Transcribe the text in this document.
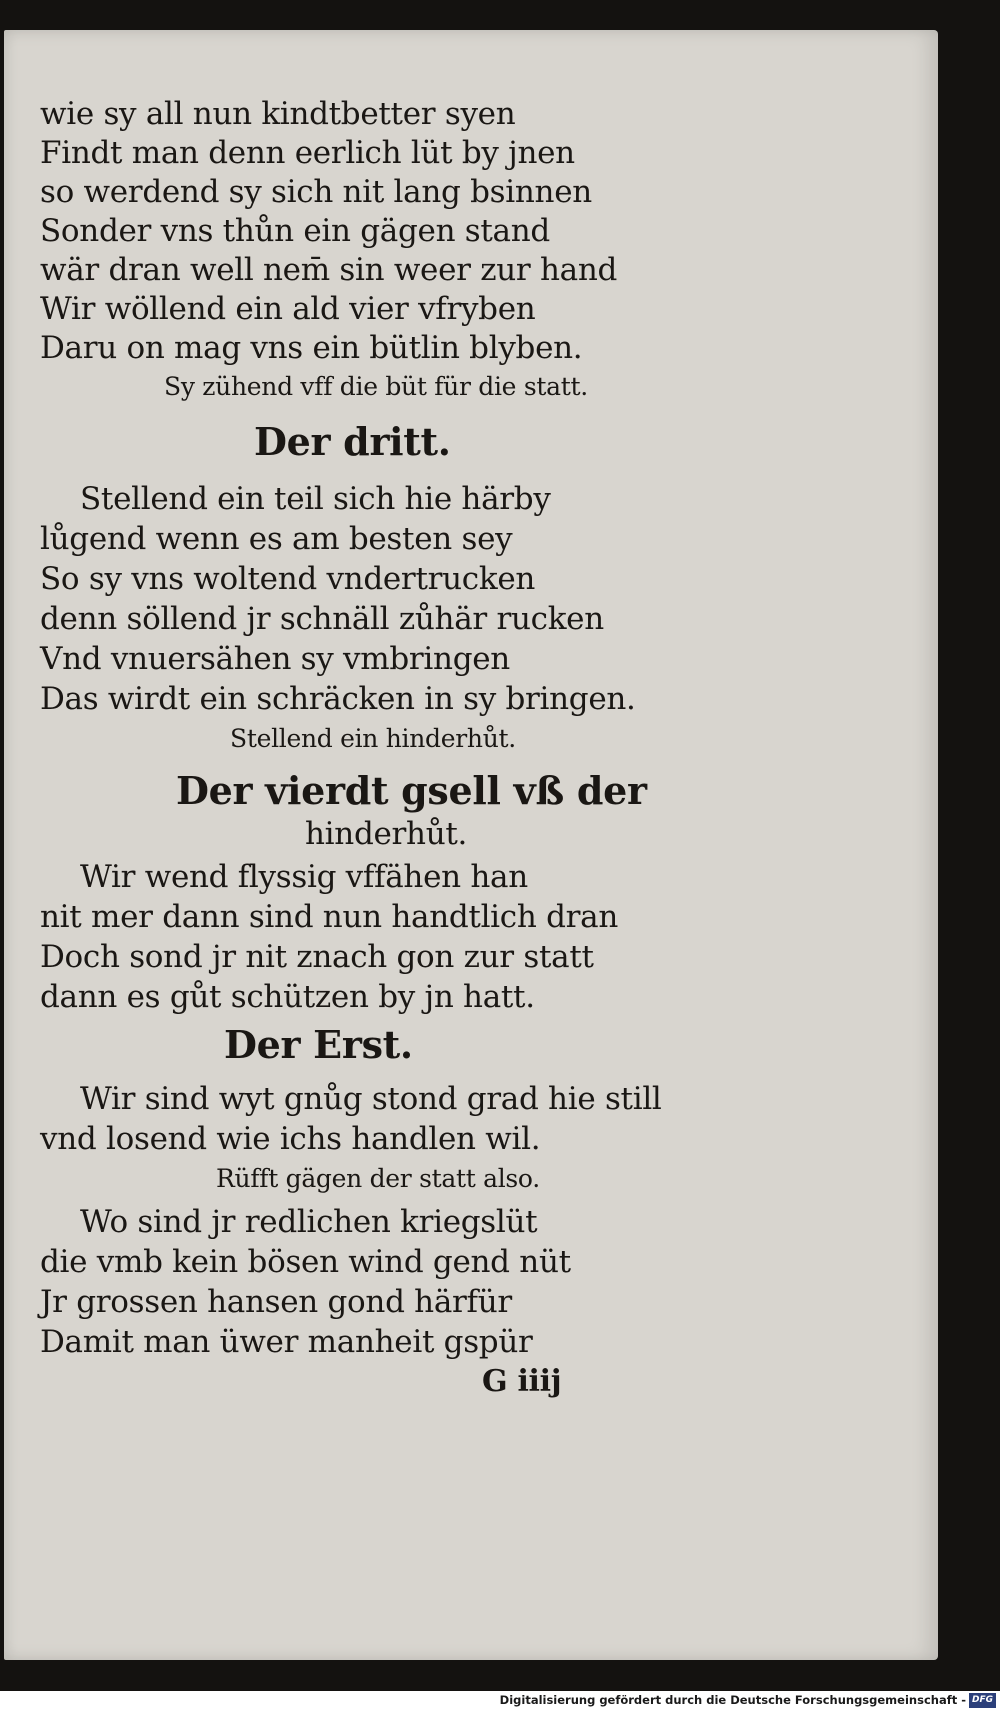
wie sy all nun kindtbetter syen
Findt man denn eerlich lüt by jnen
so werdend sy sich nit lang bsinnen
Sonder vns thůn ein gägen stand
wär dran well nem̄ sin weer zur hand
Wir wöllend ein ald vier vfryben
Daru on mag vns ein bütlin blyben.
Sy zühend vff die büt für die statt.
Der dritt.
Stellend ein teil sich hie härby
lůgend wenn es am besten sey
So sy vns woltend vndertrucken
denn söllend jr schnäll zůhär rucken
Vnd vnuersähen sy vmbringen
Das wirdt ein schräcken in sy bringen.
Stellend ein hinderhůt.
Der vierdt gsell vß der
hinderhůt.
Wir wend flyssig vffähen han
nit mer dann sind nun handtlich dran
Doch sond jr nit znach gon zur statt
dann es gůt schützen by jn hatt.
Der Erst.
Wir sind wyt gnůg stond grad hie still
vnd losend wie ichs handlen wil.
Rüfft gägen der statt also.
Wo sind jr redlichen kriegslüt
die vmb kein bösen wind gend nüt
Jr grossen hansen gond härfür
Damit man üwer manheit gspür
G iiij
Digitalisierung gefördert durch die Deutsche Forschungsgemeinschaft - DFG
